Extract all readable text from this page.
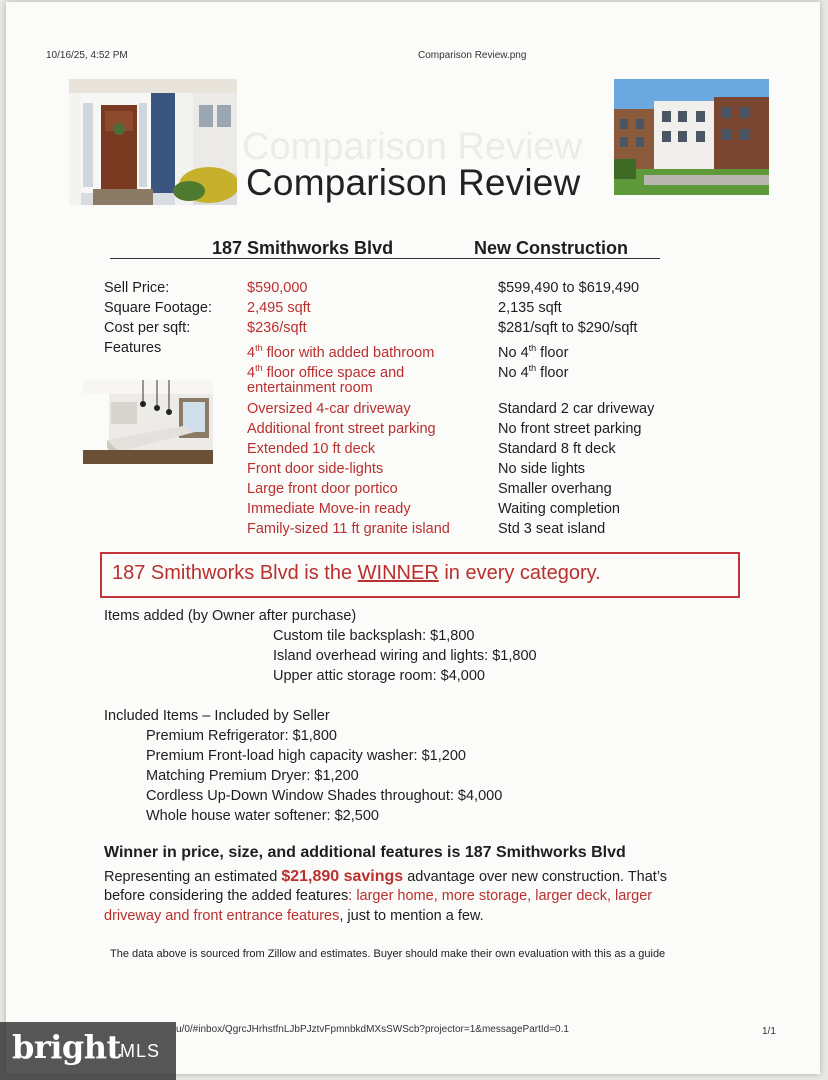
Comparison Review
10/16/25, 4:52 PM	Comparison Review.png
Comparison Review
187 Smithworks Blvd	New Construction
Sell Price:	$590,000	$599,490 to $619,490
Square Footage: 2,495 sqft	2,135 sqft
Cost per sqft:	$236/sqft	$281/sqft to $290/sqft
Features	4th floor with added bathroom	No 4th floor
4th floor office space and	No 4th floor
entertainment room
Oversized 4-car driveway	Standard 2 car driveway
Additional front street parking	No front street parking
Extended 10 ft deck	Standard 8 ft deck
Front door side-lights	No side lights
Large front door portico	Smaller overhang
Immediate Move-in ready	Waiting completion
Family-sized 11 ft granite island	Std 3 seat island
187 Smithworks Blvd is the WINNER in every category.
Items added (by Owner after purchase)
Custom tile backsplash: $1,800
Island overhead wiring and lights: $1,800
Upper attic storage room: $4,000
Included Items – Included by Seller
Premium Refrigerator: $1,800
Premium Front-load high capacity washer: $1,200
Matching Premium Dryer: $1,200
Cordless Up-Down Window Shades throughout: $4,000
Whole house water softener: $2,500
Winner in price, size, and additional features is 187 Smithworks Blvd
Representing an estimated $21,890 savings advantage over new construction. That’s
before considering the added features: larger home, more storage, larger deck, larger
driveway and front entrance features, just to mention a few.
The data above is sourced from Zillow and estimates. Buyer should make their own evaluation with this as a guide
u/0/#inbox/QgrcJHrhstfnLJbPJztvFpmnbkdMXsSWScb?projector=1&messagePartId=0.1	1/1
bright MLS
